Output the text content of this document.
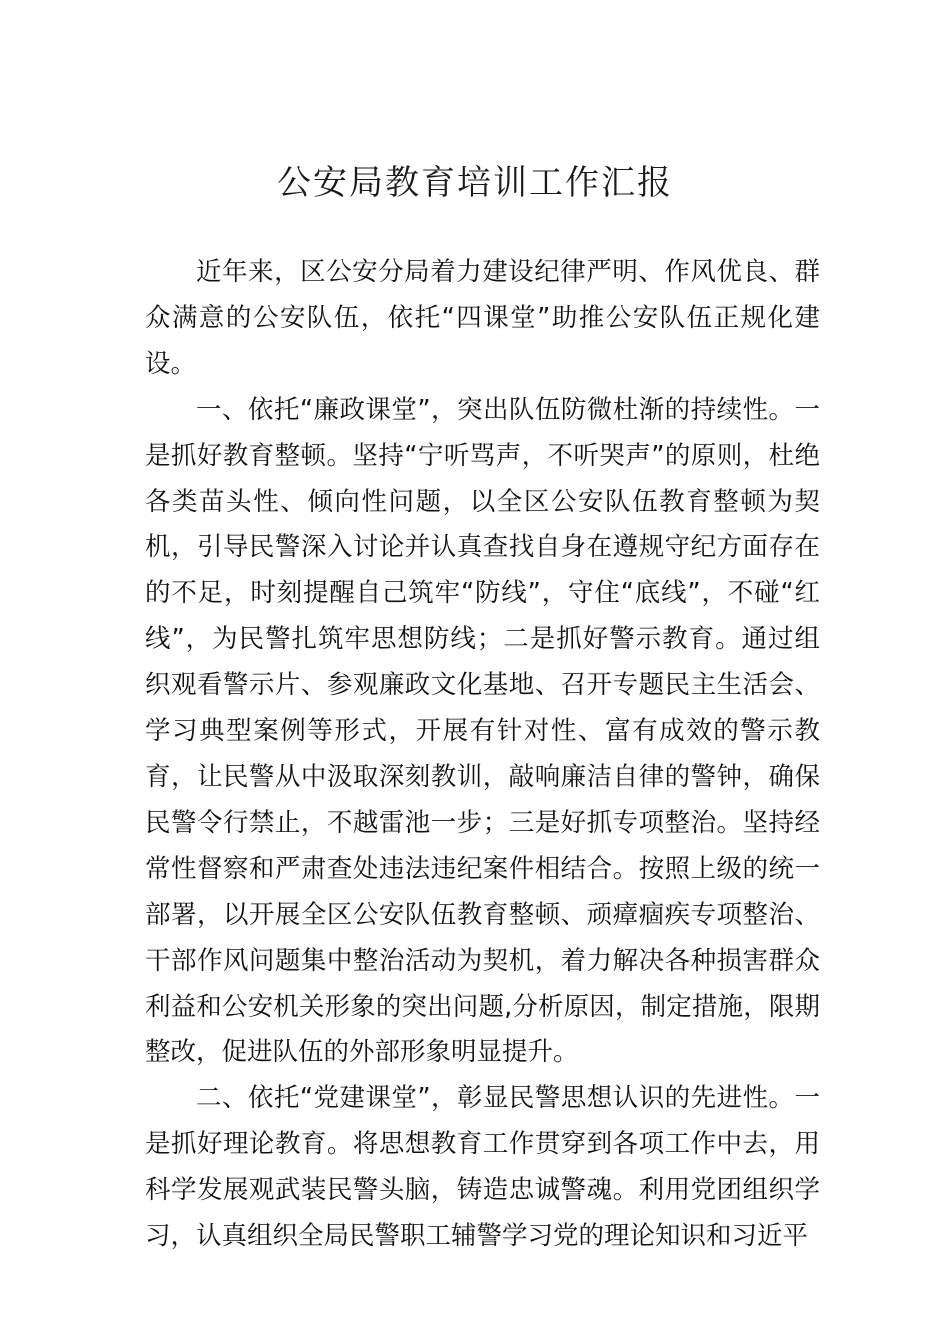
公安局教育培训工作汇报

近年来，区公安分局着力建设纪律严明、作风优良、群众满意的公安队伍，依托“四课堂”助推公安队伍正规化建设。

一、依托“廉政课堂”，突出队伍防微杜渐的持续性。一是抓好教育整顿。坚持“宁听骂声，不听哭声”的原则，杜绝各类苗头性、倾向性问题，以全区公安队伍教育整顿为契机，引导民警深入讨论并认真查找自身在遵规守纪方面存在的不足，时刻提醒自己筑牢“防线”，守住“底线”，不碰“红线”，为民警扎筑牢思想防线；二是抓好警示教育。通过组织观看警示片、参观廉政文化基地、召开专题民主生活会、学习典型案例等形式，开展有针对性、富有成效的警示教育，让民警从中汲取深刻教训，敲响廉洁自律的警钟，确保民警令行禁止，不越雷池一步；三是好抓专项整治。坚持经常性督察和严肃查处违法违纪案件相结合。按照上级的统一部署，以开展全区公安队伍教育整顿、顽瘴痼疾专项整治、干部作风问题集中整治活动为契机，着力解决各种损害群众利益和公安机关形象的突出问题,分析原因，制定措施，限期整改，促进队伍的外部形象明显提升。

二、依托“党建课堂”，彰显民警思想认识的先进性。一是抓好理论教育。将思想教育工作贯穿到各项工作中去，用科学发展观武装民警头脑，铸造忠诚警魂。利用党团组织学习，认真组织全局民警职工辅警学习党的理论知识和习近平
